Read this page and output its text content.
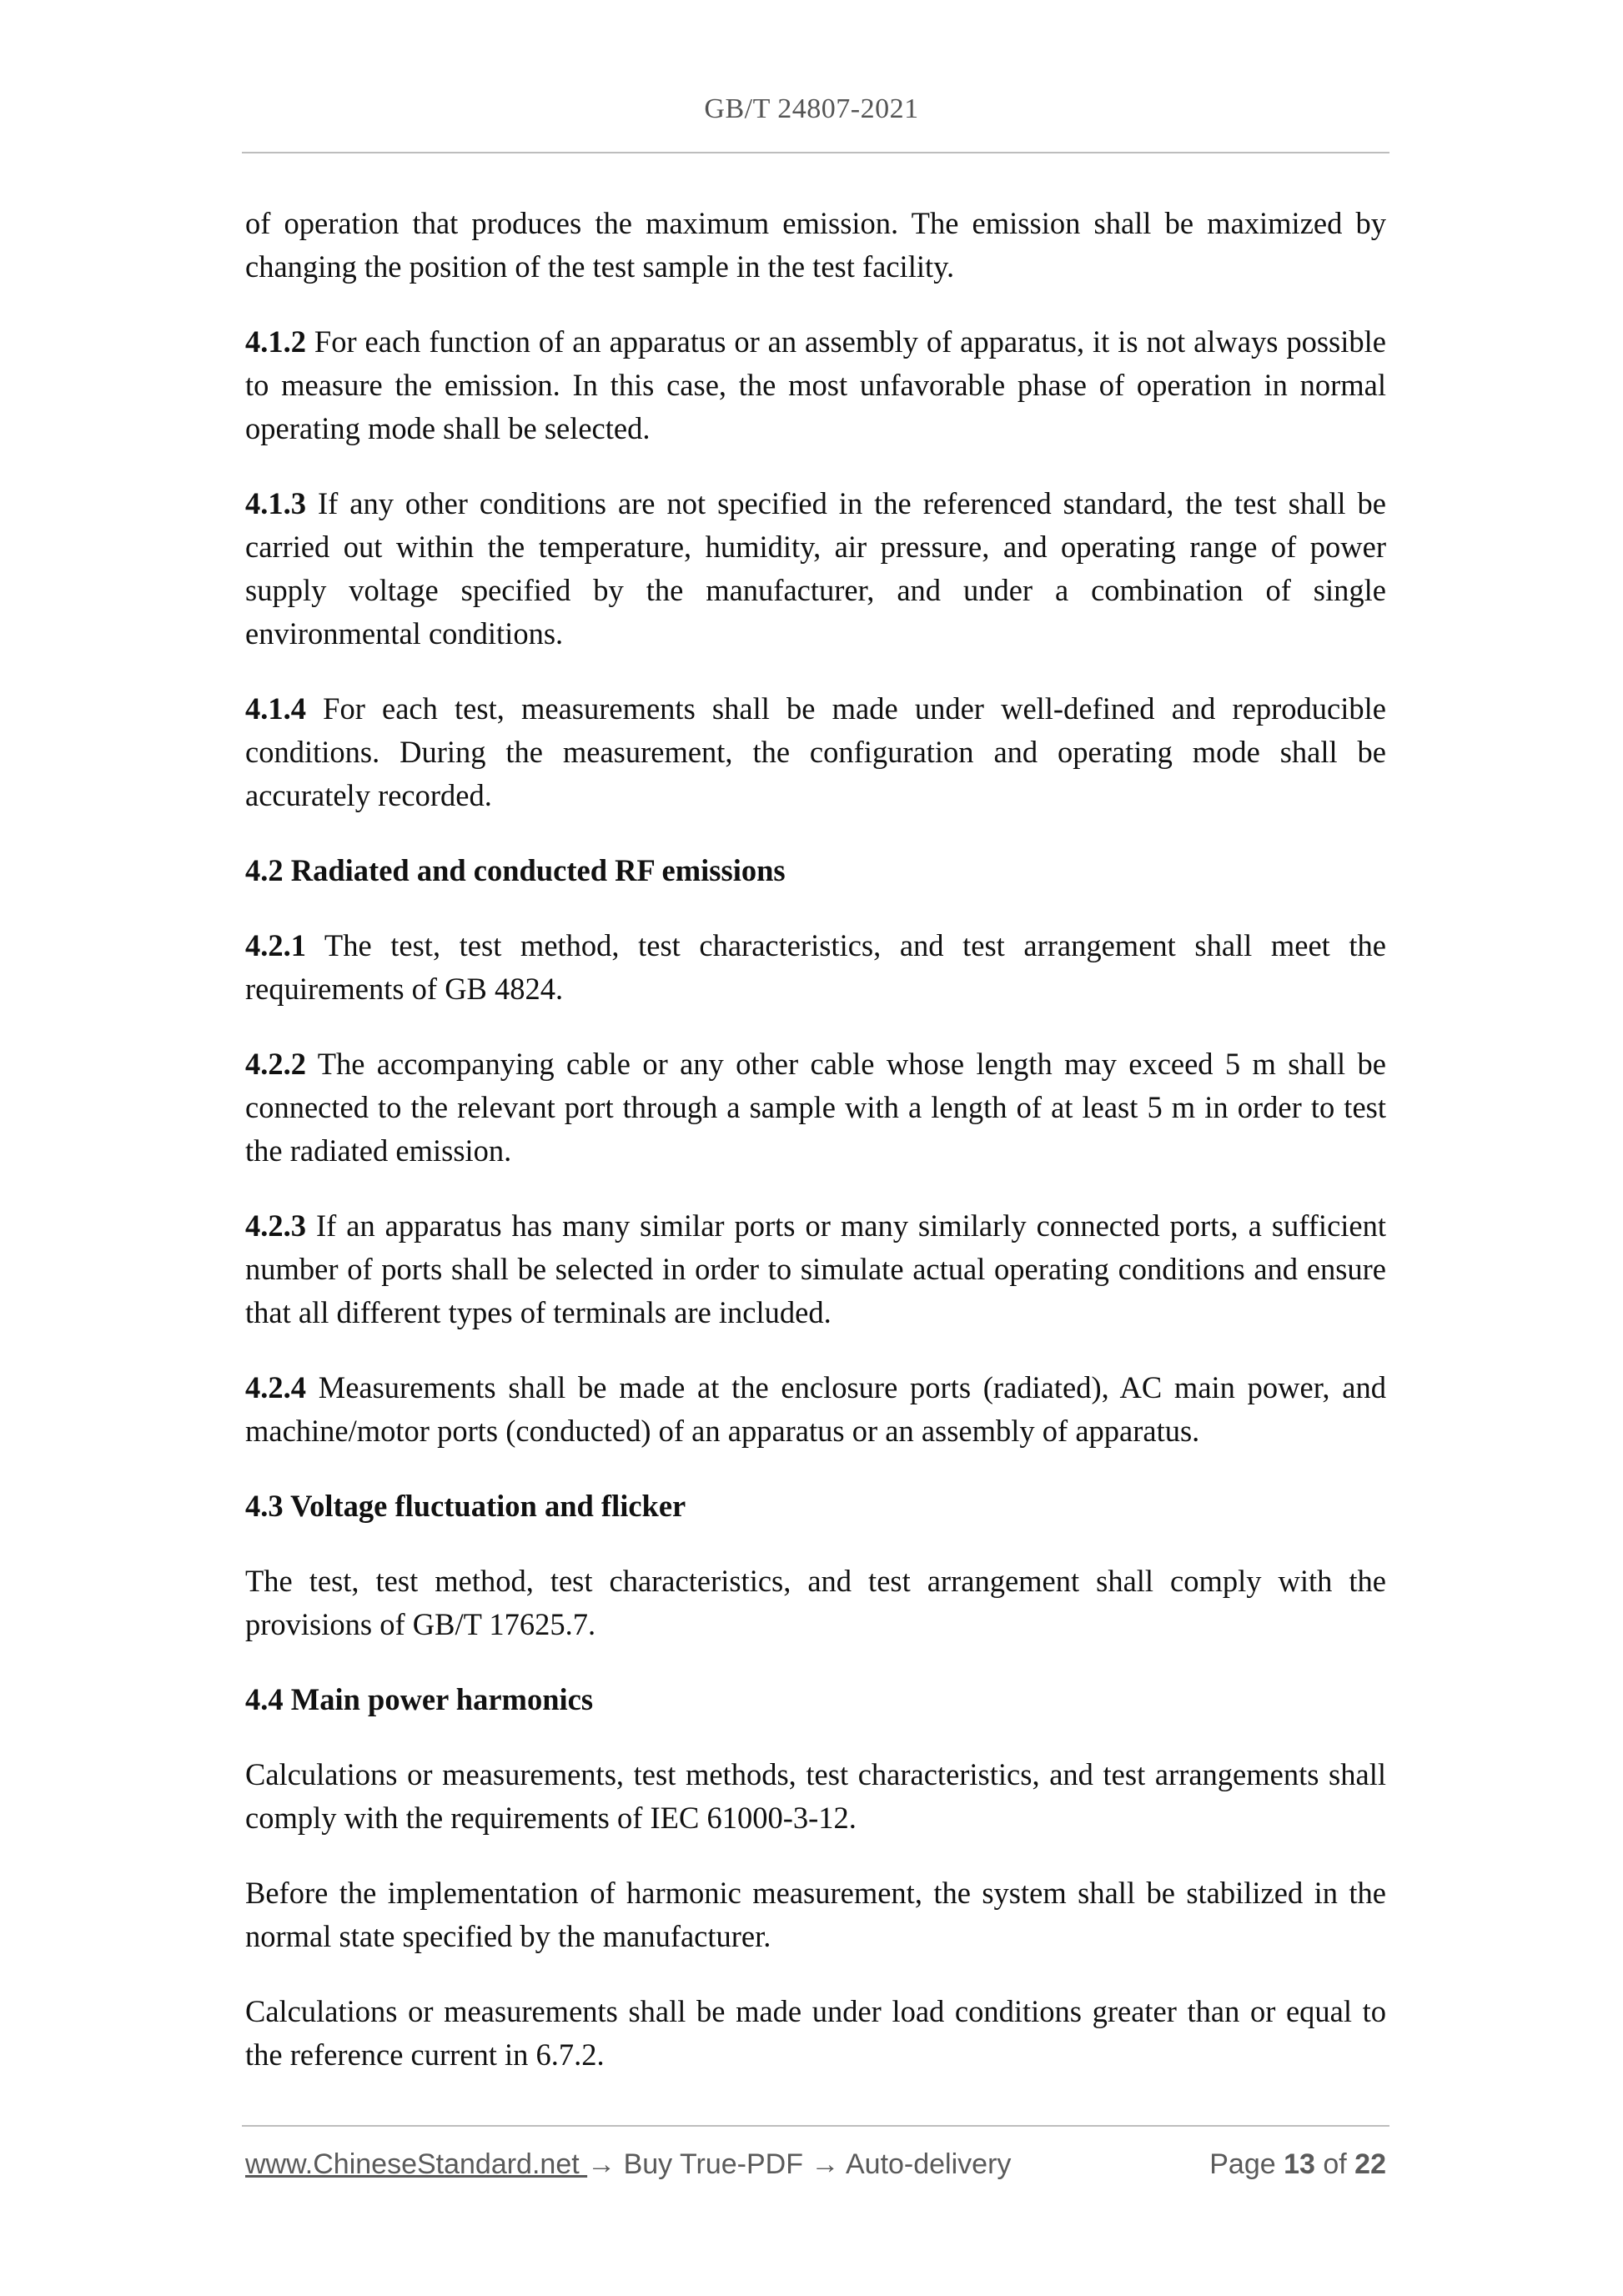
GB/T 24807-2021

of operation that produces the maximum emission. The emission shall be maximized by changing the position of the test sample in the test facility.

4.1.2 For each function of an apparatus or an assembly of apparatus, it is not always possible to measure the emission. In this case, the most unfavorable phase of operation in normal operating mode shall be selected.

4.1.3 If any other conditions are not specified in the referenced standard, the test shall be carried out within the temperature, humidity, air pressure, and operating range of power supply voltage specified by the manufacturer, and under a combination of single environmental conditions.

4.1.4 For each test, measurements shall be made under well-defined and reproducible conditions. During the measurement, the configuration and operating mode shall be accurately recorded.

4.2 Radiated and conducted RF emissions

4.2.1 The test, test method, test characteristics, and test arrangement shall meet the requirements of GB 4824.

4.2.2 The accompanying cable or any other cable whose length may exceed 5 m shall be connected to the relevant port through a sample with a length of at least 5 m in order to test the radiated emission.

4.2.3 If an apparatus has many similar ports or many similarly connected ports, a sufficient number of ports shall be selected in order to simulate actual operating conditions and ensure that all different types of terminals are included.

4.2.4 Measurements shall be made at the enclosure ports (radiated), AC main power, and machine/motor ports (conducted) of an apparatus or an assembly of apparatus.

4.3 Voltage fluctuation and flicker

The test, test method, test characteristics, and test arrangement shall comply with the provisions of GB/T 17625.7.

4.4 Main power harmonics

Calculations or measurements, test methods, test characteristics, and test arrangements shall comply with the requirements of IEC 61000-3-12.

Before the implementation of harmonic measurement, the system shall be stabilized in the normal state specified by the manufacturer.

Calculations or measurements shall be made under load conditions greater than or equal to the reference current in 6.7.2.

www.ChineseStandard.net → Buy True-PDF → Auto-delivery	Page 13 of 22
